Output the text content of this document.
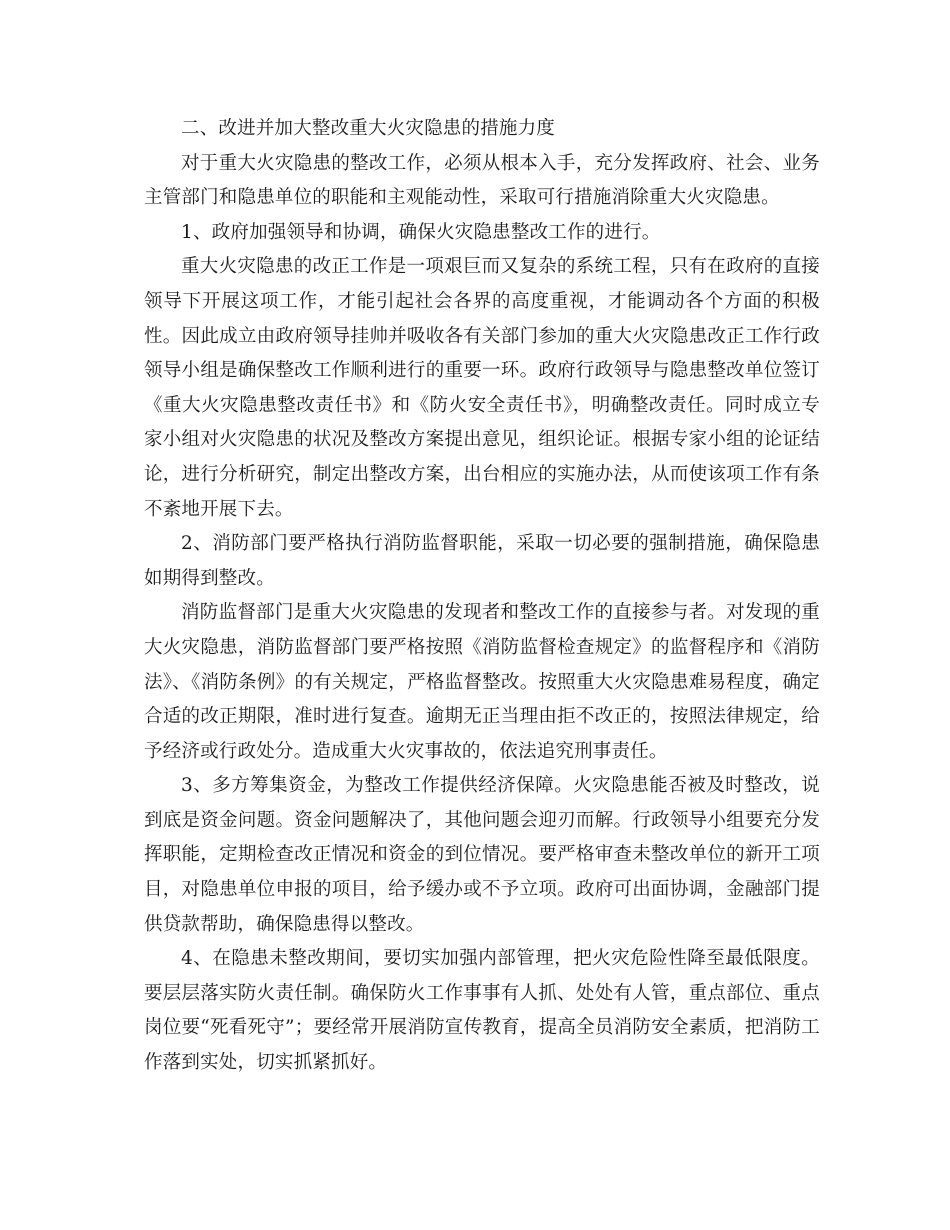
二、改进并加大整改重大火灾隐患的措施力度

对于重大火灾隐患的整改工作，必须从根本入手，充分发挥政府、社会、业务主管部门和隐患单位的职能和主观能动性，采取可行措施消除重大火灾隐患。

1、政府加强领导和协调，确保火灾隐患整改工作的进行。

重大火灾隐患的改正工作是一项艰巨而又复杂的系统工程，只有在政府的直接领导下开展这项工作，才能引起社会各界的高度重视，才能调动各个方面的积极性。因此成立由政府领导挂帅并吸收各有关部门参加的重大火灾隐患改正工作行政领导小组是确保整改工作顺利进行的重要一环。政府行政领导与隐患整改单位签订《重大火灾隐患整改责任书》和《防火安全责任书》，明确整改责任。同时成立专家小组对火灾隐患的状况及整改方案提出意见，组织论证。根据专家小组的论证结论，进行分析研究，制定出整改方案，出台相应的实施办法，从而使该项工作有条不紊地开展下去。

2、消防部门要严格执行消防监督职能，采取一切必要的强制措施，确保隐患如期得到整改。

消防监督部门是重大火灾隐患的发现者和整改工作的直接参与者。对发现的重大火灾隐患，消防监督部门要严格按照《消防监督检查规定》的监督程序和《消防法》、《消防条例》的有关规定，严格监督整改。按照重大火灾隐患难易程度，确定合适的改正期限，准时进行复查。逾期无正当理由拒不改正的，按照法律规定，给予经济或行政处分。造成重大火灾事故的，依法追究刑事责任。

3、多方筹集资金，为整改工作提供经济保障。火灾隐患能否被及时整改，说到底是资金问题。资金问题解决了，其他问题会迎刃而解。行政领导小组要充分发挥职能，定期检查改正情况和资金的到位情况。要严格审查未整改单位的新开工项目，对隐患单位申报的项目，给予缓办或不予立项。政府可出面协调，金融部门提供贷款帮助，确保隐患得以整改。

4、在隐患未整改期间，要切实加强内部管理，把火灾危险性降至最低限度。要层层落实防火责任制。确保防火工作事事有人抓、处处有人管，重点部位、重点岗位要“死看死守”；要经常开展消防宣传教育，提高全员消防安全素质，把消防工作落到实处，切实抓紧抓好。
